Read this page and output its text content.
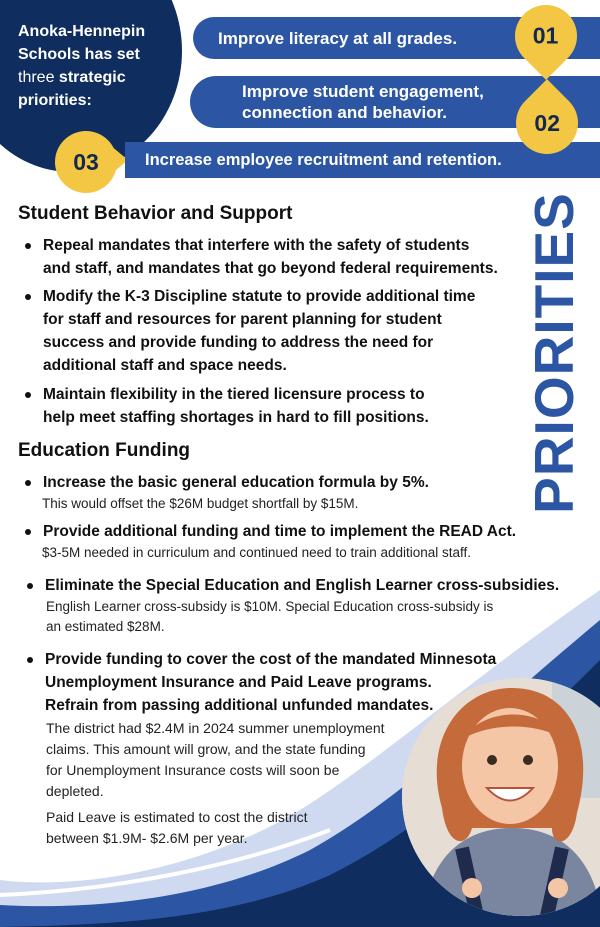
Anoka-Hennepin
Schools has set
three strategic
priorities:
Improve literacy at all grades.
Improve student engagement,
connection and behavior.
Increase employee recruitment and retention.
01
02
03
PRIORITIES
Student Behavior and Support
Repeal mandates that interfere with the safety of students
and staff, and mandates that go beyond federal requirements.
Modify the K-3 Discipline statute to provide additional time
for staff and resources for parent planning for student
success and provide funding to address the need for
additional staff and space needs.
Maintain flexibility in the tiered licensure process to
help meet staffing shortages in hard to fill positions.
Education Funding
Increase the basic general education formula by 5%.
This would offset the $26M budget shortfall by $15M.
Provide additional funding and time to implement the READ Act.
$3-5M needed in curriculum and continued need to train additional staff.
Eliminate the Special Education and English Learner cross-subsidies.
English Learner cross-subsidy is $10M. Special Education cross-subsidy is
an estimated $28M.
Provide funding to cover the cost of the mandated Minnesota
Unemployment Insurance and Paid Leave programs.
Refrain from passing additional unfunded mandates.
The district had $2.4M in 2024 summer unemployment
claims. This amount will grow, and the state funding
for Unemployment Insurance costs will soon be
depleted.
Paid Leave is estimated to cost the district
between $1.9M- $2.6M per year.
